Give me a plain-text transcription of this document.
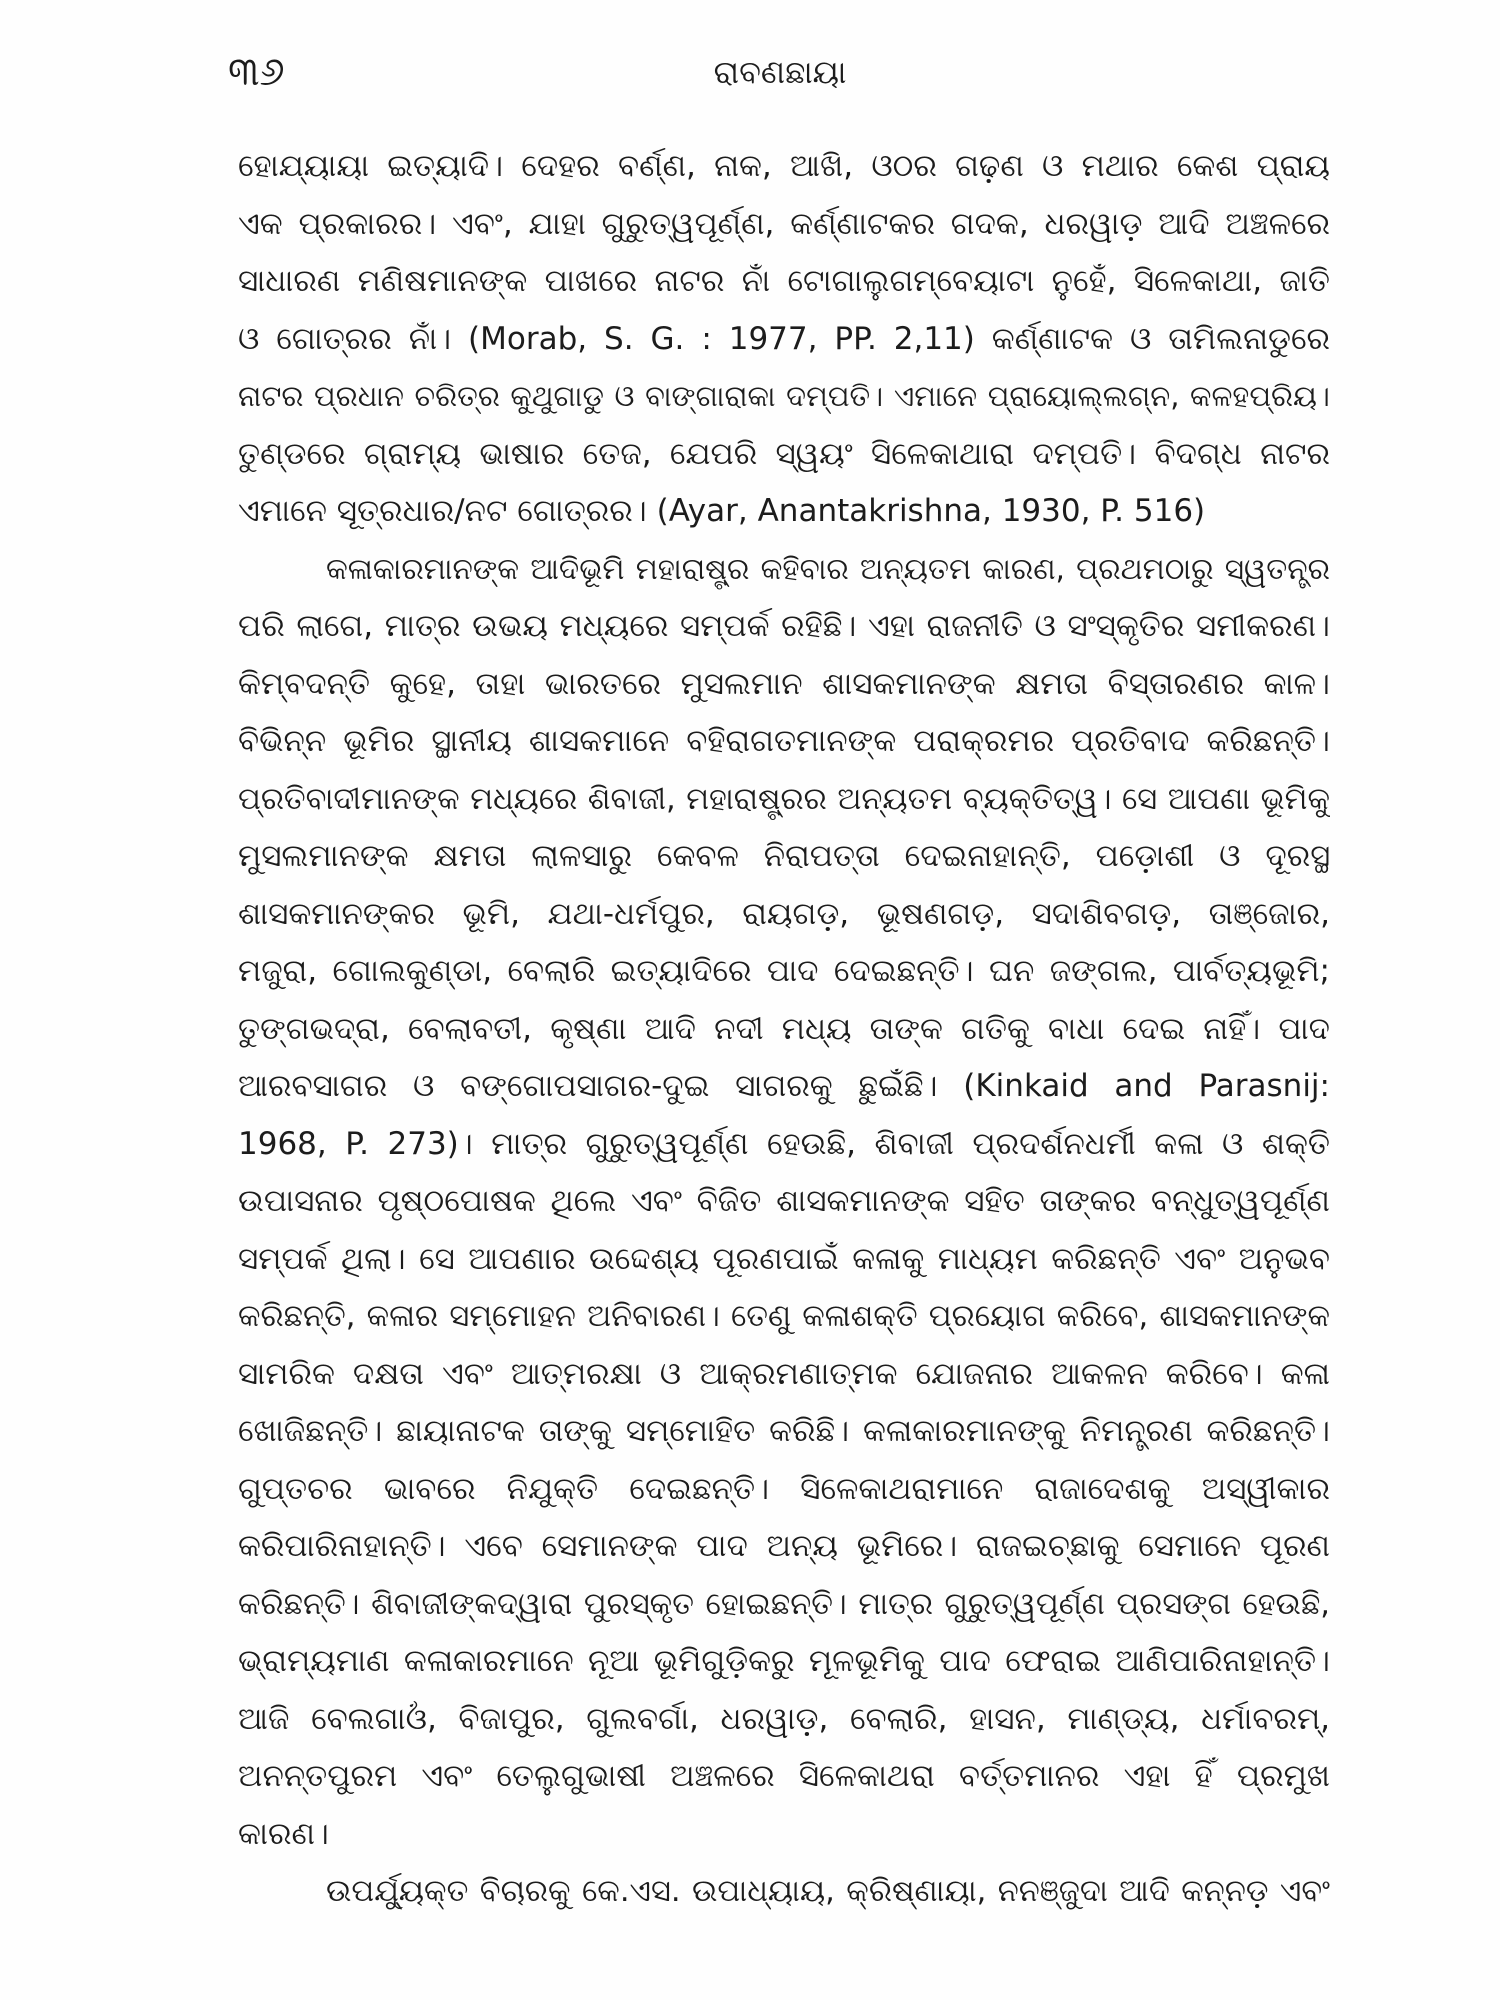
୩୬	ରାବଣଛାୟା
ହୋଯ୍ୟାୟା ଇତ୍ୟାଦି। ଦେହର ବର୍ଣ୍ଣ, ନାକ, ଆଖି, ଓଠର ଗଢ଼ଣ ଓ ମଥାର କେଶ ପ୍ରାୟ
ଏକ ପ୍ରକାରର। ଏବଂ, ଯାହା ଗୁରୁତ୍ୱପୂର୍ଣ୍ଣ, କର୍ଣ୍ଣାଟକର ଗଦକ, ଧରୱାଡ଼ ଆଦି ଅଞ୍ଚଳରେ
ସାଧାରଣ ମଣିଷମାନଙ୍କ ପାଖରେ ନାଟର ନାଁ ଟୋଗାଲୁଗମ୍ବେୟାଟା ନୁହେଁ, ସିଳେକାଥା, ଜାତି
ଓ ଗୋତ୍ରର ନାଁ। (Morab, S. G. : 1977, PP. 2,11) କର୍ଣ୍ଣାଟକ ଓ ତାମିଲନାଡୁରେ
ନାଟର ପ୍ରଧାନ ଚରିତ୍ର କୁଥୁଗାଡୁ ଓ ବାଙ୍ଗାରାକା ଦମ୍ପତି। ଏମାନେ ପ୍ରାୟୋଲ୍ଲଗ୍ନ, କଳହପ୍ରିୟ।
ତୁଣ୍ଡରେ ଗ୍ରାମ୍ୟ ଭାଷାର ତେଜ, ଯେପରି ସ୍ୱୟଂ ସିଳେକାଥାରା ଦମ୍ପତି। ବିଦଗ୍ଧ ନାଟର
ଏମାନେ ସୂତ୍ରଧାର/ନଟ ଗୋତ୍ରର। (Ayar, Anantakrishna, 1930, P. 516)
କଳାକାରମାନଙ୍କ ଆଦିଭୂମି ମହାରାଷ୍ଟ୍ର କହିବାର ଅନ୍ୟତମ କାରଣ, ପ୍ରଥମଠାରୁ ସ୍ୱତନ୍ତ୍ର
ପରି ଲାଗେ, ମାତ୍ର ଉଭୟ ମଧ୍ୟରେ ସମ୍ପର୍କ ରହିଛି। ଏହା ରାଜନୀତି ଓ ସଂସ୍କୃତିର ସମୀକରଣ।
କିମ୍ବଦନ୍ତି କୁହେ, ତାହା ଭାରତରେ ମୁସଲମାନ ଶାସକମାନଙ୍କ କ୍ଷମତା ବିସ୍ତାରଣର କାଳ।
ବିଭିନ୍ନ ଭୂମିର ସ୍ଥାନୀୟ ଶାସକମାନେ ବହିରାଗତମାନଙ୍କ ପରାକ୍ରମର ପ୍ରତିବାଦ କରିଛନ୍ତି।
ପ୍ରତିବାଦୀମାନଙ୍କ ମଧ୍ୟରେ ଶିବାଜୀ, ମହାରାଷ୍ଟ୍ରର ଅନ୍ୟତମ ବ୍ୟକ୍ତିତ୍ୱ। ସେ ଆପଣା ଭୂମିକୁ
ମୁସଲମାନଙ୍କ କ୍ଷମତା ଲାଳସାରୁ କେବଳ ନିରାପତ୍ତା ଦେଇନାହାନ୍ତି, ପଡ଼ୋଶୀ ଓ ଦୂରସ୍ଥ
ଶାସକମାନଙ୍କର ଭୂମି, ଯଥା-ଧର୍ମପୁର, ରାୟଗଡ଼, ଭୂଷଣଗଡ଼, ସଦାଶିବଗଡ଼, ତାଞ୍ଜୋର,
ମଜୁରା, ଗୋଲକୁଣ୍ଡା, ବେଲାରି ଇତ୍ୟାଦିରେ ପାଦ ଦେଇଛନ୍ତି। ଘନ ଜଙ୍ଗଲ, ପାର୍ବତ୍ୟଭୂମି;
ତୁଙ୍ଗଭଦ୍ରା, ବେଲାବତୀ, କୃଷ୍ଣା ଆଦି ନଦୀ ମଧ୍ୟ ତାଙ୍କ ଗତିକୁ ବାଧା ଦେଇ ନାହିଁ। ପାଦ
ଆରବସାଗର ଓ ବଙ୍ଗୋପସାଗର-ଦୁଇ ସାଗରକୁ ଛୁଇଁଛି। (Kinkaid and Parasnij:
1968, P. 273)। ମାତ୍ର ଗୁରୁତ୍ୱପୂର୍ଣ୍ଣ ହେଉଛି, ଶିବାଜୀ ପ୍ରଦର୍ଶନଧର୍ମୀ କଳା ଓ ଶକ୍ତି
ଉପାସନାର ପୃଷ୍ଠପୋଷକ ଥିଲେ ଏବଂ ବିଜିତ ଶାସକମାନଙ୍କ ସହିତ ତାଙ୍କର ବନ୍ଧୁତ୍ୱପୂର୍ଣ୍ଣ
ସମ୍ପର୍କ ଥିଲା। ସେ ଆପଣାର ଉଦ୍ଦେଶ୍ୟ ପୂରଣପାଇଁ କଳାକୁ ମାଧ୍ୟମ କରିଛନ୍ତି ଏବଂ ଅନୁଭବ
କରିଛନ୍ତି, କଳାର ସମ୍ମୋହନ ଅନିବାରଣ। ତେଣୁ କଳାଶକ୍ତି ପ୍ରୟୋଗ କରିବେ, ଶାସକମାନଙ୍କ
ସାମରିକ ଦକ୍ଷତା ଏବଂ ଆତ୍ମରକ୍ଷା ଓ ଆକ୍ରମଣାତ୍ମକ ଯୋଜନାର ଆକଳନ କରିବେ। କଳା
ଖୋଜିଛନ୍ତି। ଛାୟାନାଟକ ତାଙ୍କୁ ସମ୍ମୋହିତ କରିଛି। କଳାକାରମାନଙ୍କୁ ନିମନ୍ତ୍ରଣ କରିଛନ୍ତି।
ଗୁପ୍ତଚର ଭାବରେ ନିଯୁକ୍ତି ଦେଇଛନ୍ତି। ସିଳେକାଥରାମାନେ ରାଜାଦେଶକୁ ଅସ୍ୱୀକାର
କରିପାରିନାହାନ୍ତି। ଏବେ ସେମାନଙ୍କ ପାଦ ଅନ୍ୟ ଭୂମିରେ। ରାଜଇଚ୍ଛାକୁ ସେମାନେ ପୂରଣ
କରିଛନ୍ତି। ଶିବାଜୀଙ୍କଦ୍ୱାରା ପୁରସ୍କୃତ ହୋଇଛନ୍ତି। ମାତ୍ର ଗୁରୁତ୍ୱପୂର୍ଣ୍ଣ ପ୍ରସଙ୍ଗ ହେଉଛି,
ଭ୍ରାମ୍ୟମାଣ କଳାକାରମାନେ ନୂଆ ଭୂମିଗୁଡ଼ିକରୁ ମୂଳଭୂମିକୁ ପାଦ ଫେରାଇ ଆଣିପାରିନାହାନ୍ତି।
ଆଜି ବେଲଗାଓଁ, ବିଜାପୁର, ଗୁଲବର୍ଗା, ଧରୱାଡ଼, ବେଲାରି, ହାସନ, ମାଣ୍ଡ୍ୟ, ଧର୍ମାବରମ୍,
ଅନନ୍ତପୁରମ ଏବଂ ତେଲୁଗୁଭାଷୀ ଅଞ୍ଚଳରେ ସିଳେକାଥରା ବର୍ତ୍ତମାନର ଏହା ହିଁ ପ୍ରମୁଖ
କାରଣ।
ଉପର୍ଯ୍ୟୁକ୍ତ ବିଚାରକୁ କେ.ଏସ. ଉପାଧ୍ୟାୟ, କ୍ରିଷ୍ଣାୟା, ନନଞ୍ଜୁଦା ଆଦି କନ୍ନଡ଼ ଏବଂ
